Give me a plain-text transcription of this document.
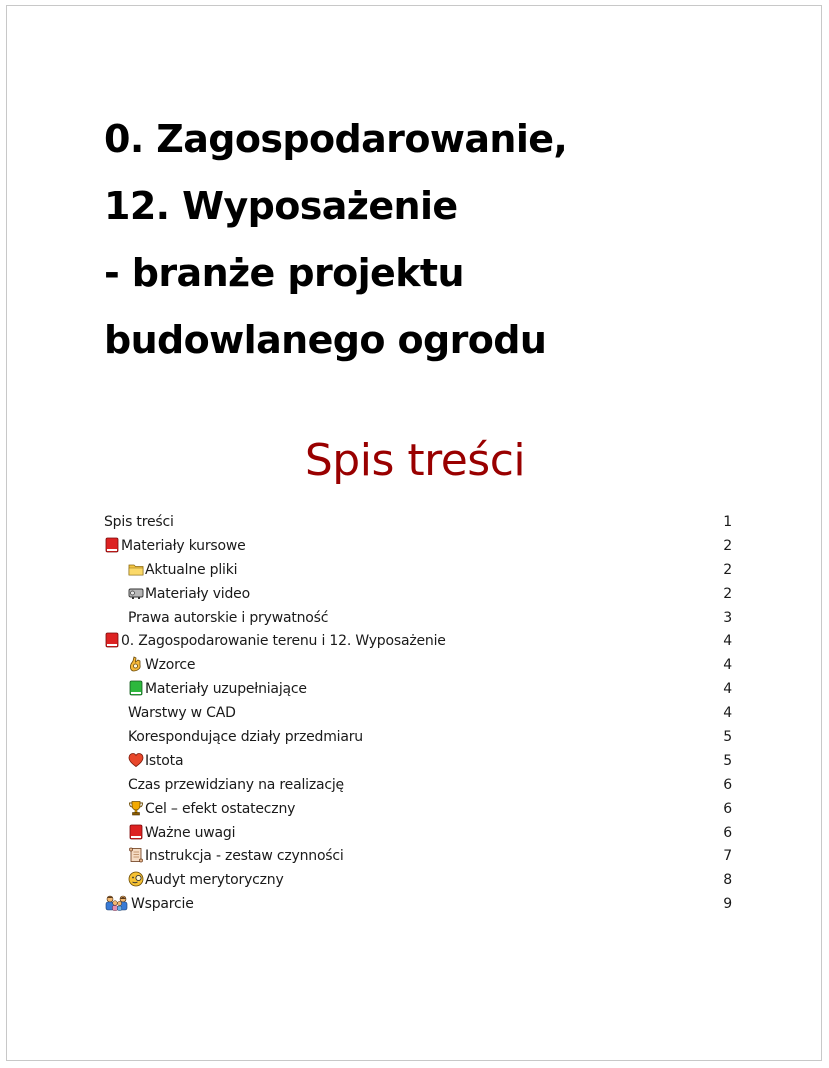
0. Zagospodarowanie,
12. Wyposażenie
- branże projektu
budowlanego ogrodu
Spis treści
Spis treści	1
Materiały kursowe	2
Aktualne pliki	2
Materiały video	2
Prawa autorskie i prywatność	3
0. Zagospodarowanie terenu i 12. Wyposażenie	4
Wzorce	4
Materiały uzupełniające	4
Warstwy w CAD	4
Korespondujące działy przedmiaru	5
Istota	5
Czas przewidziany na realizację	6
Cel – efekt ostateczny	6
Ważne uwagi	6
Instrukcja - zestaw czynności	7
Audyt merytoryczny	8
Wsparcie	9
